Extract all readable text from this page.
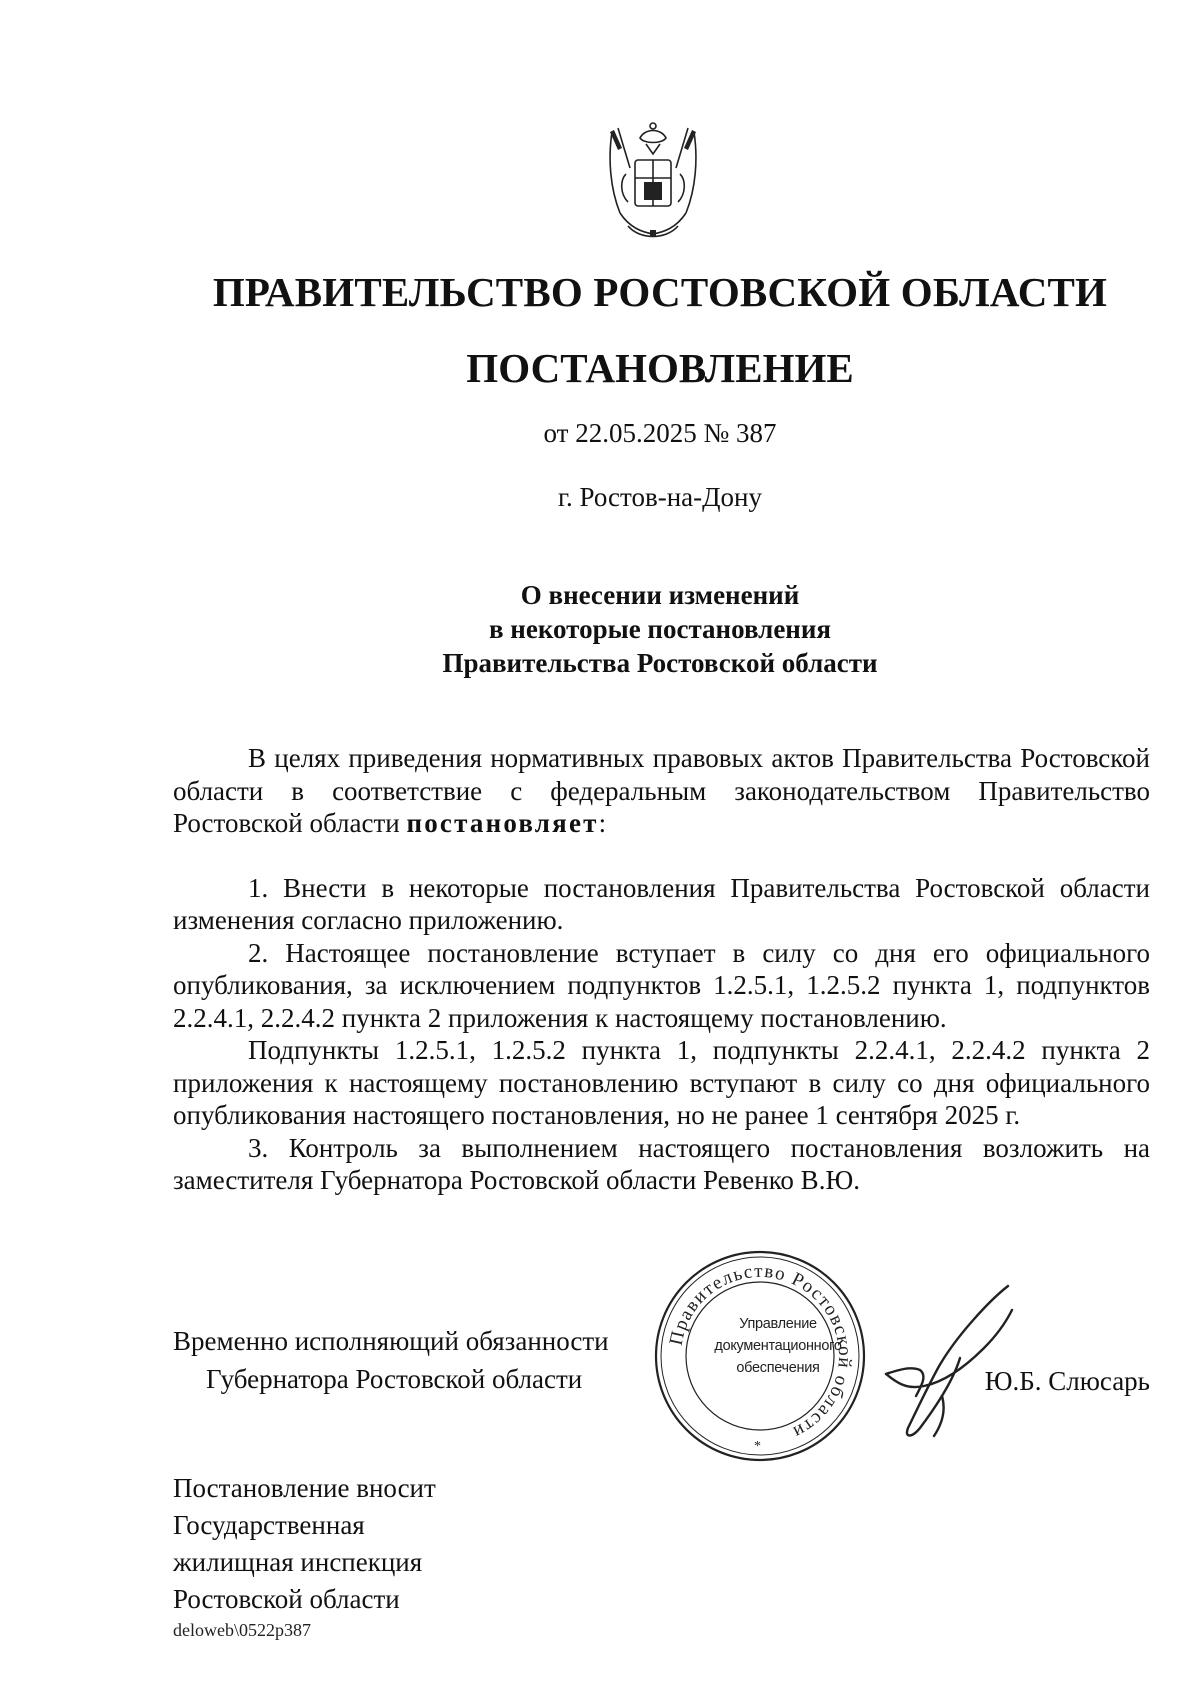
ПРАВИТЕЛЬСТВО РОСТОВСКОЙ ОБЛАСТИ
ПОСТАНОВЛЕНИЕ
от 22.05.2025 № 387
г. Ростов-на-Дону
О внесении изменений
в некоторые постановления
Правительства Ростовской области

В целях приведения нормативных правовых актов Правительства Ростовской области в соответствие с федеральным законодательством Правительство Ростовской области постановляет:

1. Внести в некоторые постановления Правительства Ростовской области изменения согласно приложению.

2. Настоящее постановление вступает в силу со дня его официального опубликования, за исключением подпунктов 1.2.5.1, 1.2.5.2 пункта 1, подпунктов 2.2.4.1, 2.2.4.2 пункта 2 приложения к настоящему постановлению.

Подпункты 1.2.5.1, 1.2.5.2 пункта 1, подпункты 2.2.4.1, 2.2.4.2 пункта 2 приложения к настоящему постановлению вступают в силу со дня официального опубликования настоящего постановления, но не ранее 1 сентября 2025 г.

3. Контроль за выполнением настоящего постановления возложить на заместителя Губернатора Ростовской области Ревенко В.Ю.

Временно исполняющий обязанности
Губернатора Ростовской области
Правительство Ростовской области
*
Управление
документационного
обеспечения	Ю.Б. Слюсарь
Постановление вносит
Государственная
жилищная инспекция
Ростовской области
deloweb\0522p387
